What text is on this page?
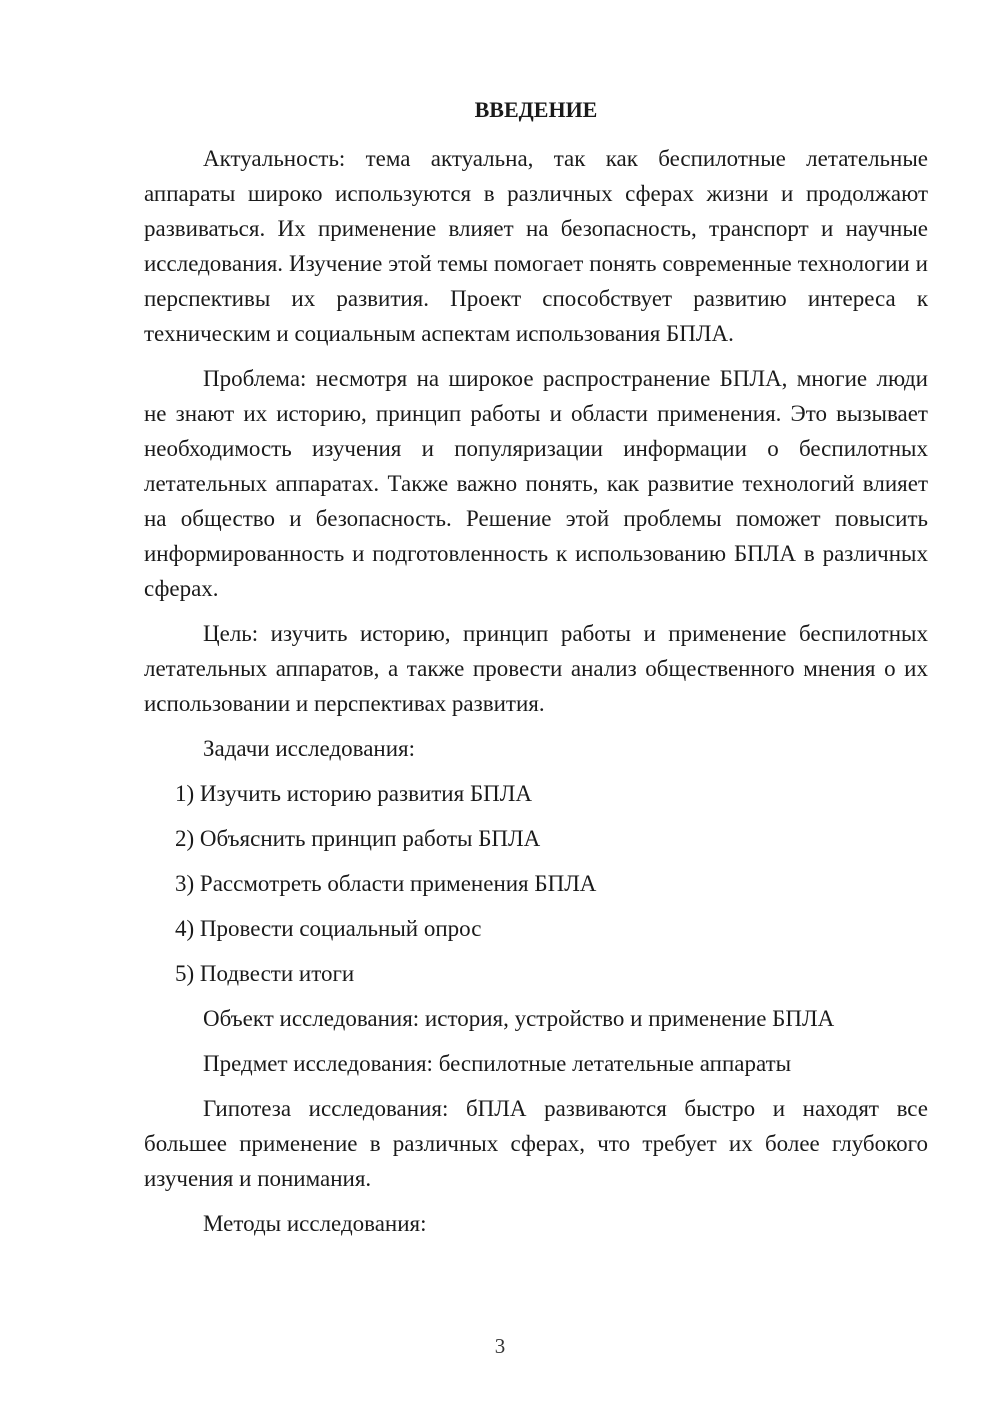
ВВЕДЕНИЕ

Актуальность: тема актуальна, так как беспилотные летательные аппараты широко используются в различных сферах жизни и продолжают развиваться. Их применение влияет на безопасность, транспорт и научные исследования. Изучение этой темы помогает понять современные технологии и перспективы их развития. Проект способствует развитию интереса к техническим и социальным аспектам использования БПЛА.

Проблема: несмотря на широкое распространение БПЛА, многие люди не знают их историю, принцип работы и области применения. Это вызывает необходимость изучения и популяризации информации о беспилотных летательных аппаратах. Также важно понять, как развитие технологий влияет на общество и безопасность. Решение этой проблемы поможет повысить информированность и подготовленность к использованию БПЛА в различных сферах.

Цель: изучить историю, принцип работы и применение беспилотных летательных аппаратов, а также провести анализ общественного мнения о их использовании и перспективах развития.

Задачи исследования:

1) Изучить историю развития БПЛА
2) Объяснить принцип работы БПЛА
3) Рассмотреть области применения БПЛА
4) Провести социальный опрос
5) Подвести итоги

Объект исследования: история, устройство и применение БПЛА

Предмет исследования: беспилотные летательные аппараты

Гипотеза исследования: бПЛА развиваются быстро и находят все большее применение в различных сферах, что требует их более глубокого изучения и понимания.

Методы исследования:

3
